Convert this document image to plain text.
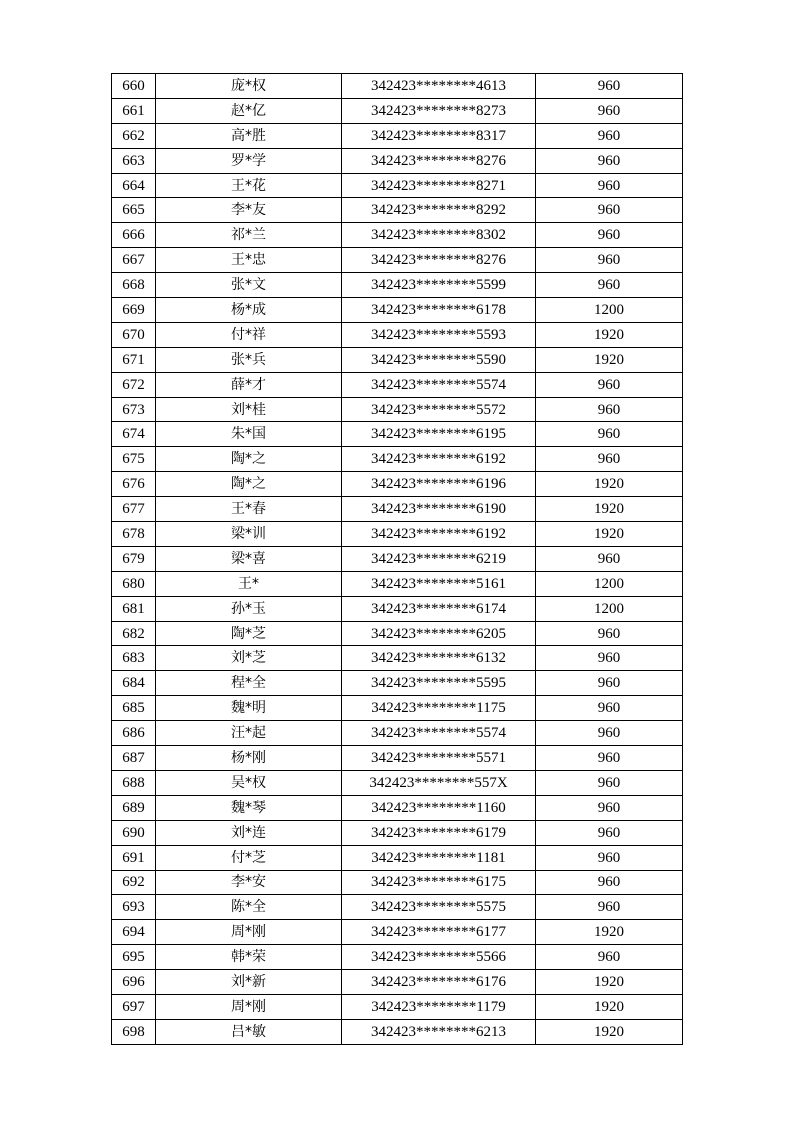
660	庞*权	342423********4613	960
661	赵*亿	342423********8273	960
662	高*胜	342423********8317	960
663	罗*学	342423********8276	960
664	王*花	342423********8271	960
665	李*友	342423********8292	960
666	祁*兰	342423********8302	960
667	王*忠	342423********8276	960
668	张*文	342423********5599	960
669	杨*成	342423********6178	1200
670	付*祥	342423********5593	1920
671	张*兵	342423********5590	1920
672	薛*才	342423********5574	960
673	刘*桂	342423********5572	960
674	朱*国	342423********6195	960
675	陶*之	342423********6192	960
676	陶*之	342423********6196	1920
677	王*春	342423********6190	1920
678	梁*训	342423********6192	1920
679	梁*喜	342423********6219	960
680	王*	342423********5161	1200
681	孙*玉	342423********6174	1200
682	陶*芝	342423********6205	960
683	刘*芝	342423********6132	960
684	程*全	342423********5595	960
685	魏*明	342423********1175	960
686	汪*起	342423********5574	960
687	杨*刚	342423********5571	960
688	吴*权	342423********557X	960
689	魏*琴	342423********1160	960
690	刘*连	342423********6179	960
691	付*芝	342423********1181	960
692	李*安	342423********6175	960
693	陈*全	342423********5575	960
694	周*刚	342423********6177	1920
695	韩*荣	342423********5566	960
696	刘*新	342423********6176	1920
697	周*刚	342423********1179	1920
698	吕*敏	342423********6213	1920
